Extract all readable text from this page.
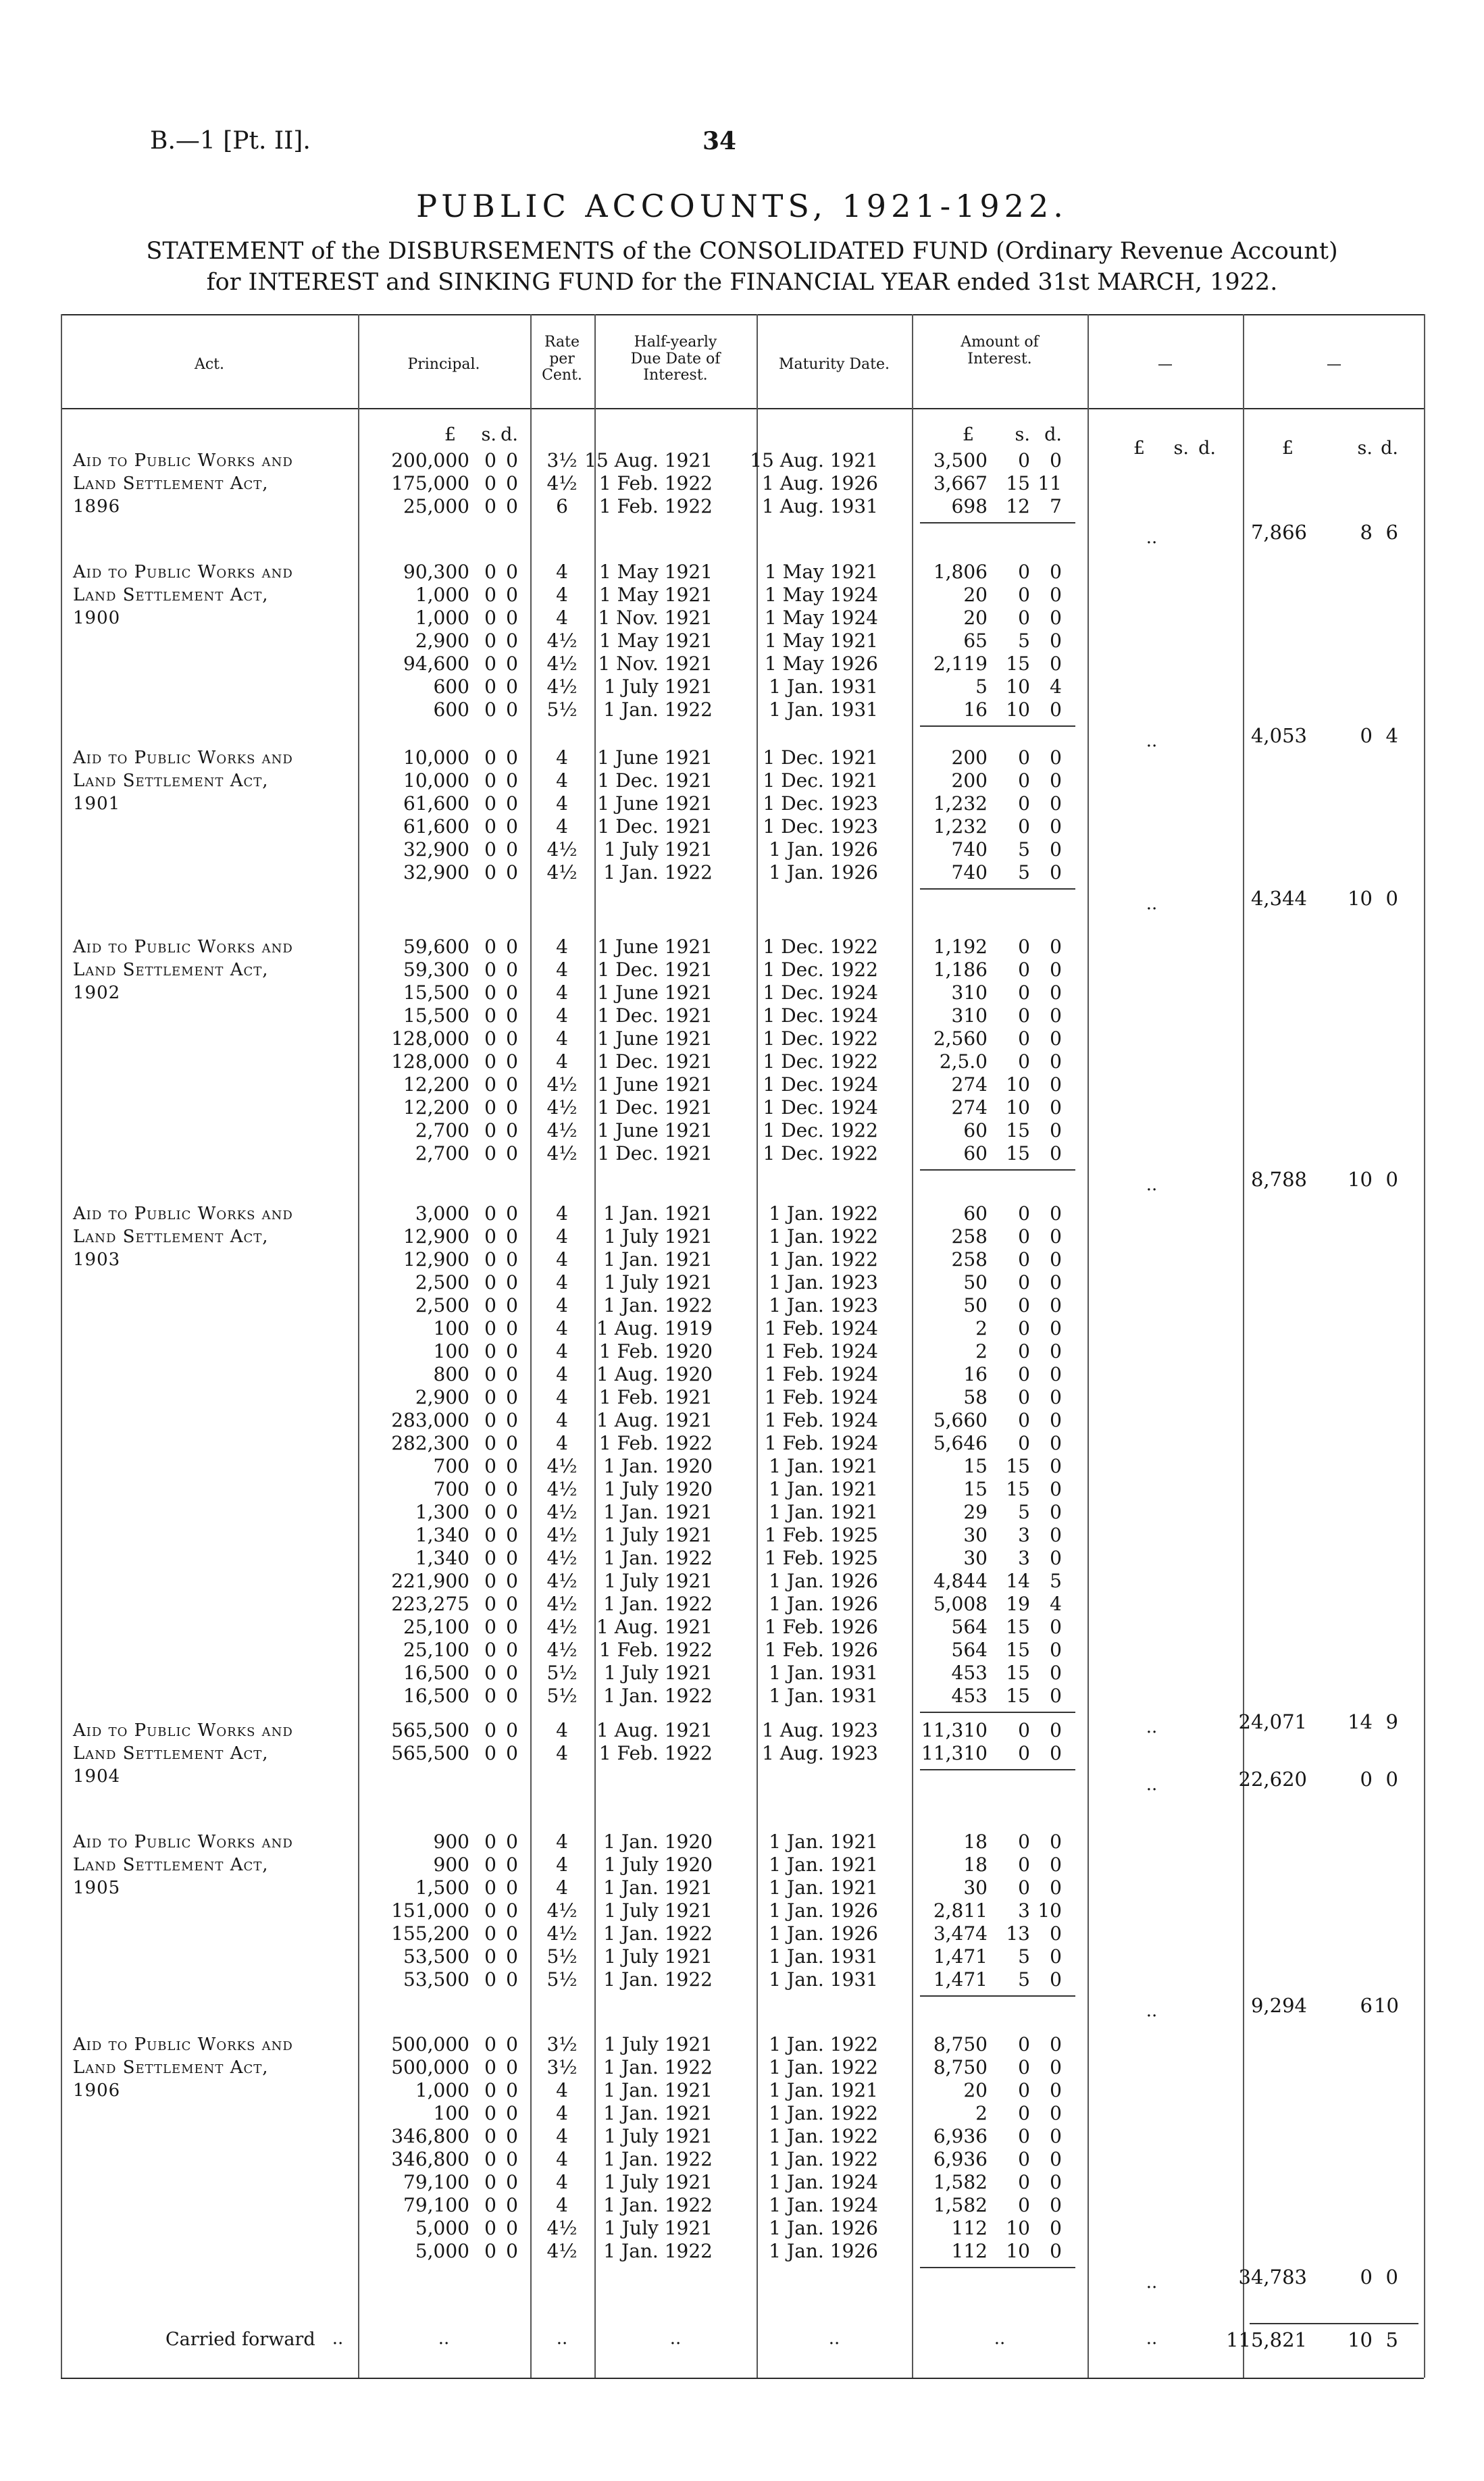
B.—1 [Pt. II].	34
PUBLIC ACCOUNTS, 1921-1922.
STATEMENT of the DISBURSEMENTS of the CONSOLIDATED FUND (Ordinary Revenue Account)
for INTEREST and SINKING FUND for the FINANCIAL YEAR ended 31st MARCH, 1922.
Act.	Principal.
Rate
per
Cent.
Half-yearly
Due Date of
Interest.
Maturity Date.
Amount of
Interest.	—	—
£	s. d.	£	s. d.
£	s. d.	£	s. d.
Aid to Public Works and
Land Settlement Act,
1896
200,000 0 0	3½ 15 Aug. 1921	15 Aug. 1921	3,500	0	0
175,000 0 0	4½	1 Feb. 1922	1 Aug. 1926	3,667 15 11
25,000 0 0	6	1 Feb. 1922	1 Aug. 1931	698 12	7
..	7,866	8 6
Aid to Public Works and
Land Settlement Act,
1900
90,300 0 0	4	1 May 1921	1 May 1921	1,806	0	0
1,000 0 0	4	1 May 1921	1 May 1924	20	0	0
1,000 0 0	4	1 Nov. 1921	1 May 1924	20	0	0
2,900 0 0	4½	1 May 1921	1 May 1921	65	5	0
94,600 0 0	4½	1 Nov. 1921	1 May 1926	2,119 15	0
600 0 0	4½	1 July 1921	1 Jan. 1931	5 10	4
600 0 0	5½	1 Jan. 1922	1 Jan. 1931	16 10	0
..	4,053	0 4
Aid to Public Works and
Land Settlement Act,
1901
10,000 0 0	4	1 June 1921	1 Dec. 1921	200	0	0
10,000 0 0	4	1 Dec. 1921	1 Dec. 1921	200	0	0
61,600 0 0	4	1 June 1921	1 Dec. 1923	1,232	0	0
61,600 0 0	4	1 Dec. 1921	1 Dec. 1923	1,232	0	0
32,900 0 0	4½	1 July 1921	1 Jan. 1926	740	5	0
32,900 0 0	4½	1 Jan. 1922	1 Jan. 1926	740	5	0
..	4,344	10 0
Aid to Public Works and
Land Settlement Act,
1902
59,600 0 0	4	1 June 1921	1 Dec. 1922	1,192	0	0
59,300 0 0	4	1 Dec. 1921	1 Dec. 1922	1,186	0	0
15,500 0 0	4	1 June 1921	1 Dec. 1924	310	0	0
15,500 0 0	4	1 Dec. 1921	1 Dec. 1924	310	0	0
128,000 0 0	4	1 June 1921	1 Dec. 1922	2,560	0	0
128,000 0 0	4	1 Dec. 1921	1 Dec. 1922	2,5.0	0	0
12,200 0 0	4½	1 June 1921	1 Dec. 1924	274 10	0
12,200 0 0	4½	1 Dec. 1921	1 Dec. 1924	274 10	0
2,700 0 0	4½	1 June 1921	1 Dec. 1922	60 15	0
2,700 0 0	4½	1 Dec. 1921	1 Dec. 1922	60 15	0
..	8,788	10 0
Aid to Public Works and
Land Settlement Act,
1903
3,000 0 0	4	1 Jan. 1921	1 Jan. 1922	60	0	0
12,900 0 0	4	1 July 1921	1 Jan. 1922	258	0	0
12,900 0 0	4	1 Jan. 1921	1 Jan. 1922	258	0	0
2,500 0 0	4	1 July 1921	1 Jan. 1923	50	0	0
2,500 0 0	4	1 Jan. 1922	1 Jan. 1923	50	0	0
100 0 0	4	1 Aug. 1919	1 Feb. 1924	2	0	0
100 0 0	4	1 Feb. 1920	1 Feb. 1924	2	0	0
800 0 0	4	1 Aug. 1920	1 Feb. 1924	16	0	0
2,900 0 0	4	1 Feb. 1921	1 Feb. 1924	58	0	0
283,000 0 0	4	1 Aug. 1921	1 Feb. 1924	5,660	0	0
282,300 0 0	4	1 Feb. 1922	1 Feb. 1924	5,646	0	0
700 0 0	4½	1 Jan. 1920	1 Jan. 1921	15 15	0
700 0 0	4½	1 July 1920	1 Jan. 1921	15 15	0
1,300 0 0	4½	1 Jan. 1921	1 Jan. 1921	29	5	0
1,340 0 0	4½	1 July 1921	1 Feb. 1925	30	3	0
1,340 0 0	4½	1 Jan. 1922	1 Feb. 1925	30	3	0
221,900 0 0	4½	1 July 1921	1 Jan. 1926	4,844 14	5
223,275 0 0	4½	1 Jan. 1922	1 Jan. 1926	5,008 19	4
25,100 0 0	4½	1 Aug. 1921	1 Feb. 1926	564 15	0
25,100 0 0	4½	1 Feb. 1922	1 Feb. 1926	564 15	0
16,500 0 0	5½	1 July 1921	1 Jan. 1931	453 15	0
16,500 0 0	5½	1 Jan. 1922	1 Jan. 1931	453 15	0
..	24,071	14 9
Aid to Public Works and
Land Settlement Act,
1904
565,500 0 0	4	1 Aug. 1921	1 Aug. 1923	11,310	0	0
565,500 0 0	4	1 Feb. 1922	1 Aug. 1923	11,310	0	0
..	22,620	0 0
Aid to Public Works and
Land Settlement Act,
1905
900 0 0	4	1 Jan. 1920	1 Jan. 1921	18	0	0
900 0 0	4	1 July 1920	1 Jan. 1921	18	0	0
1,500 0 0	4	1 Jan. 1921	1 Jan. 1921	30	0	0
151,000 0 0	4½	1 July 1921	1 Jan. 1926	2,811	3 10
155,200 0 0	4½	1 Jan. 1922	1 Jan. 1926	3,474 13	0
53,500 0 0	5½	1 July 1921	1 Jan. 1931	1,471	5	0
53,500 0 0	5½	1 Jan. 1922	1 Jan. 1931	1,471	5	0
..	9,294	6 10
Aid to Public Works and
Land Settlement Act,
1906
500,000 0 0	3½	1 July 1921	1 Jan. 1922	8,750	0	0
500,000 0 0	3½	1 Jan. 1922	1 Jan. 1922	8,750	0	0
1,000 0 0	4	1 Jan. 1921	1 Jan. 1921	20	0	0
100 0 0	4	1 Jan. 1921	1 Jan. 1922	2	0	0
346,800 0 0	4	1 July 1921	1 Jan. 1922	6,936	0	0
346,800 0 0	4	1 Jan. 1922	1 Jan. 1922	6,936	0	0
79,100 0 0	4	1 July 1921	1 Jan. 1924	1,582	0	0
79,100 0 0	4	1 Jan. 1922	1 Jan. 1924	1,582	0	0
5,000 0 0	4½	1 July 1921	1 Jan. 1926	112 10	0
5,000 0 0	4½	1 Jan. 1922	1 Jan. 1926	112 10	0
..	34,783	0 0
Carried forward ..	..	..	..	..	..	..	115,821	10 5
